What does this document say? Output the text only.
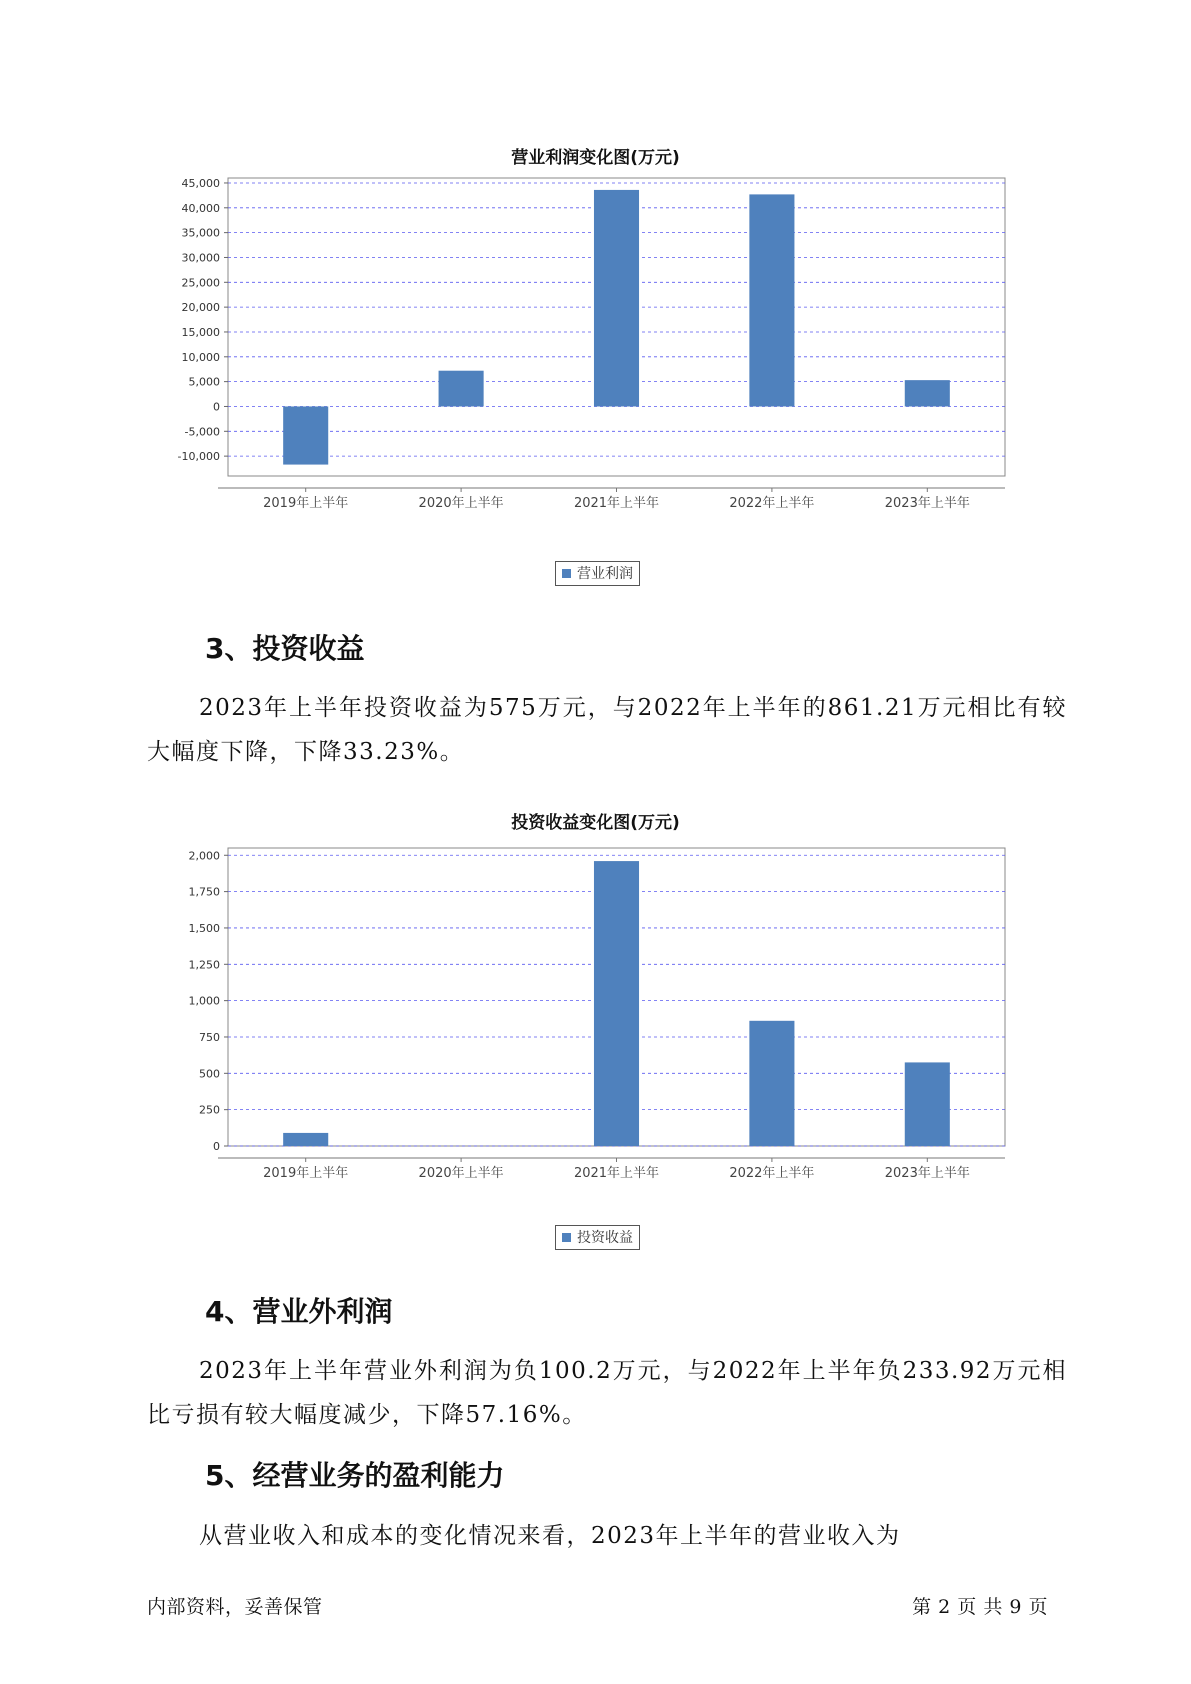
营业利润变化图(万元)
45,000
40,000
35,000
30,000
25,000
20,000
15,000
10,000
5,000
0
-5,000
-10,000
2019年上半年	2020年上半年	2021年上半年	2022年上半年	2023年上半年
营业利润
3、投资收益

2023年上半年投资收益为575万元，与2022年上半年的861.21万元相比有较大幅度下降，下降33.23%。

投资收益变化图(万元)
2,000
1,750
1,500
1,250
1,000
750
500
250
0
2019年上半年	2020年上半年	2021年上半年	2022年上半年	2023年上半年
投资收益
4、营业外利润

2023年上半年营业外利润为负100.2万元，与2022年上半年负233.92万元相比亏损有较大幅度减少，下降57.16%。

5、经营业务的盈利能力

从营业收入和成本的变化情况来看，2023年上半年的营业收入为

内部资料，妥善保管	第 2 页 共 9 页
